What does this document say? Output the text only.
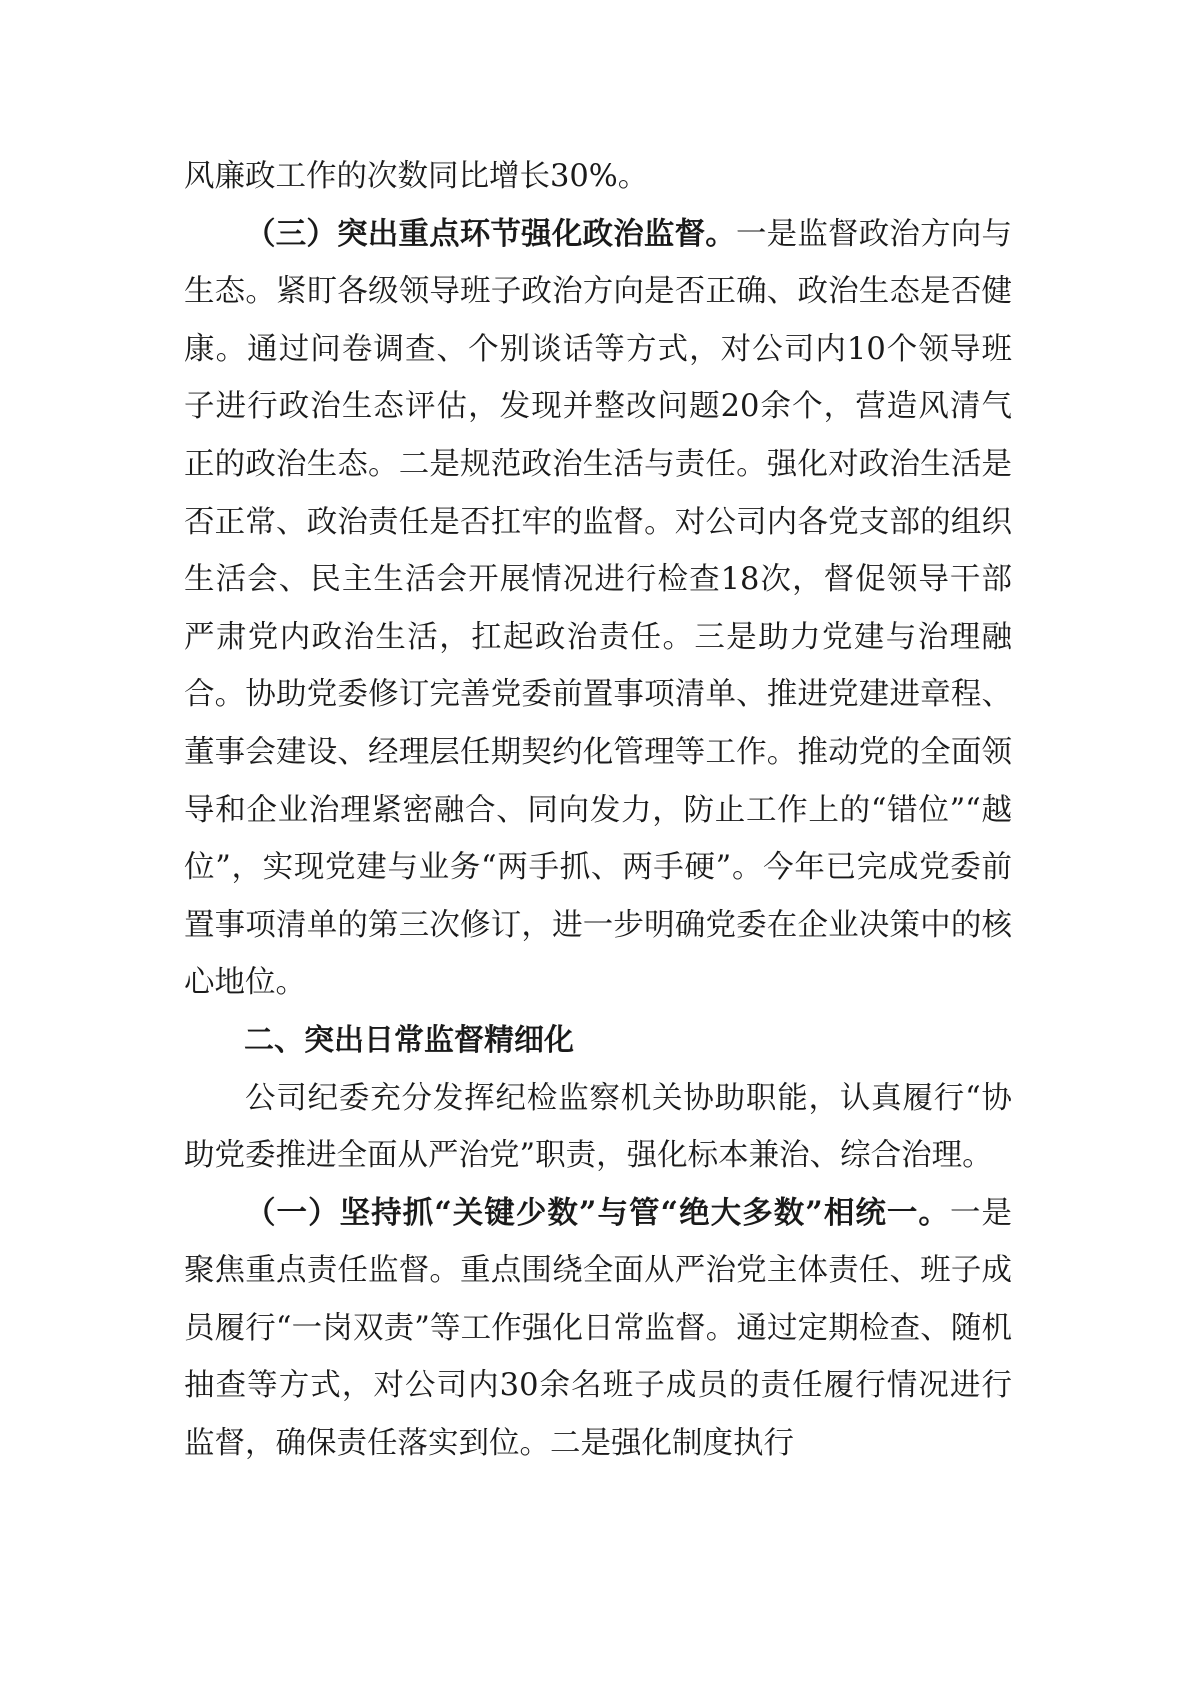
风廉政工作的次数同比增长30%。

（三）突出重点环节强化政治监督。一是监督政治方向与生态。紧盯各级领导班子政治方向是否正确、政治生态是否健康。通过问卷调查、个别谈话等方式，对公司内10个领导班子进行政治生态评估，发现并整改问题20余个，营造风清气正的政治生态。二是规范政治生活与责任。强化对政治生活是否正常、政治责任是否扛牢的监督。对公司内各党支部的组织生活会、民主生活会开展情况进行检查18次，督促领导干部严肃党内政治生活，扛起政治责任。三是助力党建与治理融合。协助党委修订完善党委前置事项清单、推进党建进章程、董事会建设、经理层任期契约化管理等工作。推动党的全面领导和企业治理紧密融合、同向发力，防止工作上的“错位”“越位”，实现党建与业务“两手抓、两手硬”。今年已完成党委前置事项清单的第三次修订，进一步明确党委在企业决策中的核心地位。

二、突出日常监督精细化

公司纪委充分发挥纪检监察机关协助职能，认真履行“协助党委推进全面从严治党”职责，强化标本兼治、综合治理。

（一）坚持抓“关键少数”与管“绝大多数”相统一。一是聚焦重点责任监督。重点围绕全面从严治党主体责任、班子成员履行“一岗双责”等工作强化日常监督。通过定期检查、随机抽查等方式，对公司内30余名班子成员的责任履行情况进行监督，确保责任落实到位。二是强化制度执行
